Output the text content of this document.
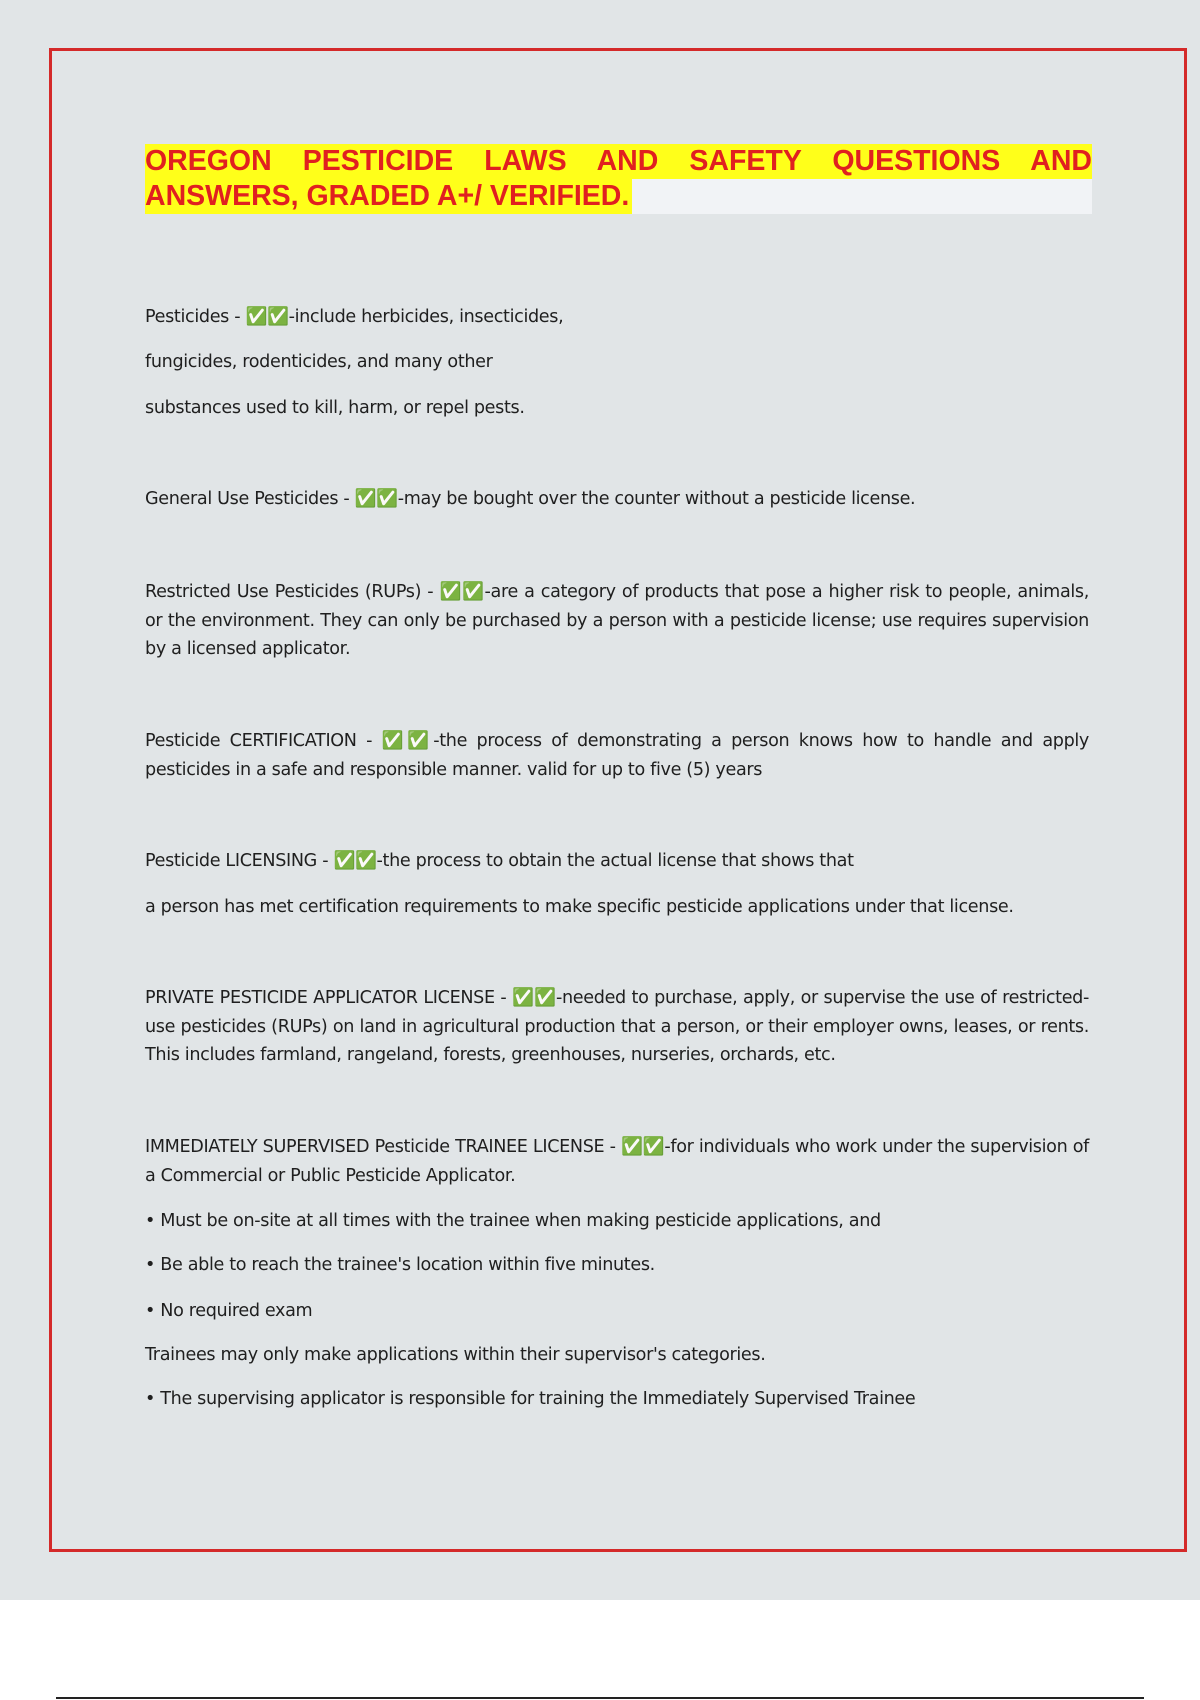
OREGON PESTICIDE LAWS AND SAFETY QUESTIONS AND
ANSWERS, GRADED A+/ VERIFIED.
Pesticides - ✅✅-include herbicides, insecticides,
fungicides, rodenticides, and many other
substances used to kill, harm, or repel pests.
General Use Pesticides - ✅✅-may be bought over the counter without a pesticide license.
Restricted Use Pesticides (RUPs) - ✅✅-are a category of products that pose a higher risk to people, animals, or the environment. They can only be purchased by a person with a pesticide license; use requires supervision by a licensed applicator.
Pesticide CERTIFICATION - ✅✅-the process of demonstrating a person knows how to handle and apply pesticides in a safe and responsible manner. valid for up to five (5) years
Pesticide LICENSING - ✅✅-the process to obtain the actual license that shows that
a person has met certification requirements to make specific pesticide applications under that license.
PRIVATE PESTICIDE APPLICATOR LICENSE - ✅✅-needed to purchase, apply, or supervise the use of restricted-use pesticides (RUPs) on land in agricultural production that a person, or their employer owns, leases, or rents. This includes farmland, rangeland, forests, greenhouses, nurseries, orchards, etc.
IMMEDIATELY SUPERVISED Pesticide TRAINEE LICENSE - ✅✅-for individuals who work under the supervision of a Commercial or Public Pesticide Applicator.
• Must be on-site at all times with the trainee when making pesticide applications, and
• Be able to reach the trainee's location within five minutes.
• No required exam
Trainees may only make applications within their supervisor's categories.
• The supervising applicator is responsible for training the Immediately Supervised Trainee
